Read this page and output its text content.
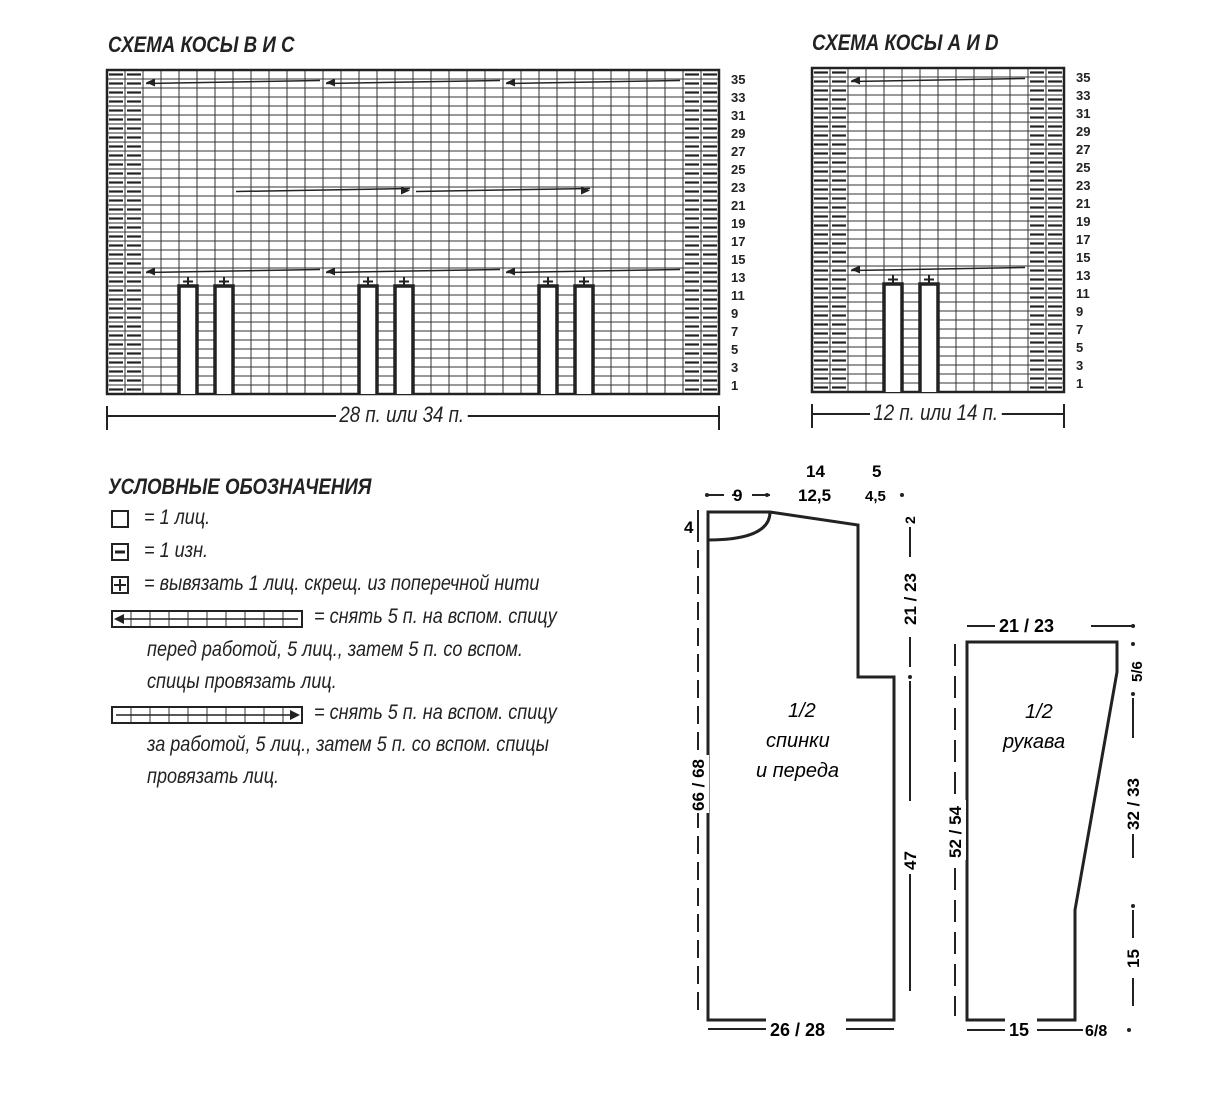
СХЕМА КОСЫ В И С
35
33
31
29
27
25
23
21
19
17
15
13
11
9
7
5
3
1
28 п. или 34 п.
СХЕМА КОСЫ А И D
35
33
31
29
27
25
23
21
19
17
15
13
11
9
7
5
3
1
12 п. или 14 п.
УСЛОВНЫЕ ОБОЗНАЧЕНИЯ
= 1 лиц.
= 1 изн.
= вывязать 1 лиц. скрещ. из поперечной нити
= снять 5 п. на вспом. спицу
перед работой, 5 лиц., затем 5 п. со вспом.
спицы провязать лиц.
= снять 5 п. на вспом. спицу
за работой, 5 лиц., затем 5 п. со вспом. спицы
провязать лиц.
9	12,5 4,5
14	5
4
66 / 68
2
21 / 23
47
26 / 28
1/2
спинки
и переда
21 / 23
52 / 54
5/6
32 / 33
15
15	6/8
1/2
рукава
